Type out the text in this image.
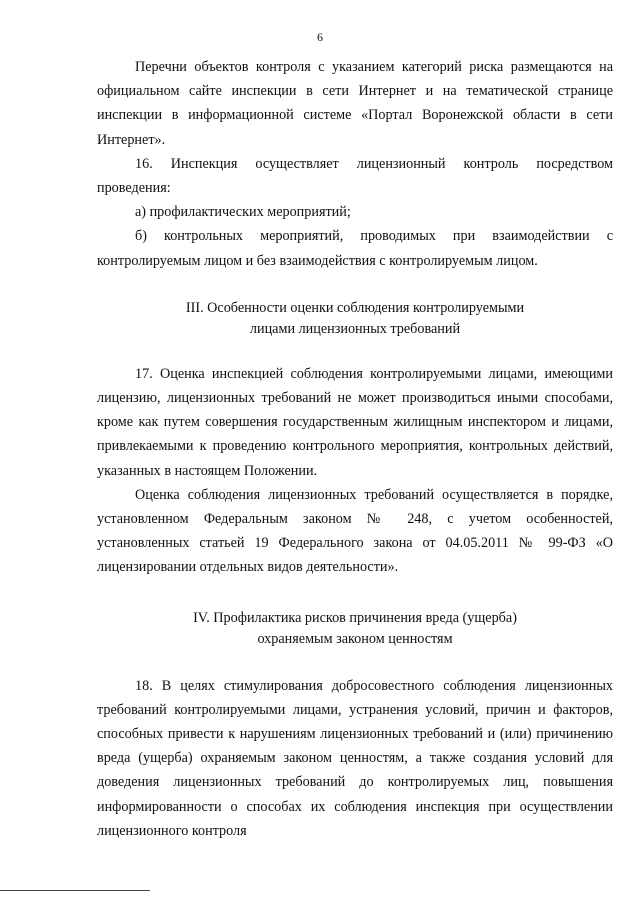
6

Перечни объектов контроля с указанием категорий риска размещаются на официальном сайте инспекции в сети Интернет и на тематической странице инспекции в информационной системе «Портал Воронежской области в сети Интернет».

16. Инспекция осуществляет лицензионный контроль посредством проведения:

а) профилактических мероприятий;

б) контрольных мероприятий, проводимых при взаимодействии с контролируемым лицом и без взаимодействия с контролируемым лицом.

III. Особенности оценки соблюдения контролируемыми
лицами лицензионных требований

17. Оценка инспекцией соблюдения контролируемыми лицами, имеющими лицензию, лицензионных требований не может производиться иными способами, кроме как путем совершения государственным жилищным инспектором и лицами, привлекаемыми к проведению контрольного мероприятия, контрольных действий, указанных в настоящем Положении.

Оценка соблюдения лицензионных требований осуществляется в порядке, установленном Федеральным законом № 248, с учетом особенностей, установленных статьей 19 Федерального закона от 04.05.2011 № 99-ФЗ «О лицензировании отдельных видов деятельности».

IV. Профилактика рисков причинения вреда (ущерба)
охраняемым законом ценностям

18. В целях стимулирования добросовестного соблюдения лицензионных требований контролируемыми лицами, устранения условий, причин и факторов, способных привести к нарушениям лицензионных требований и (или) причинению вреда (ущерба) охраняемым законом ценностям, а также создания условий для доведения лицензионных требований до контролируемых лиц, повышения информированности о способах их соблюдения инспекция при осуществлении лицензионного контроля
